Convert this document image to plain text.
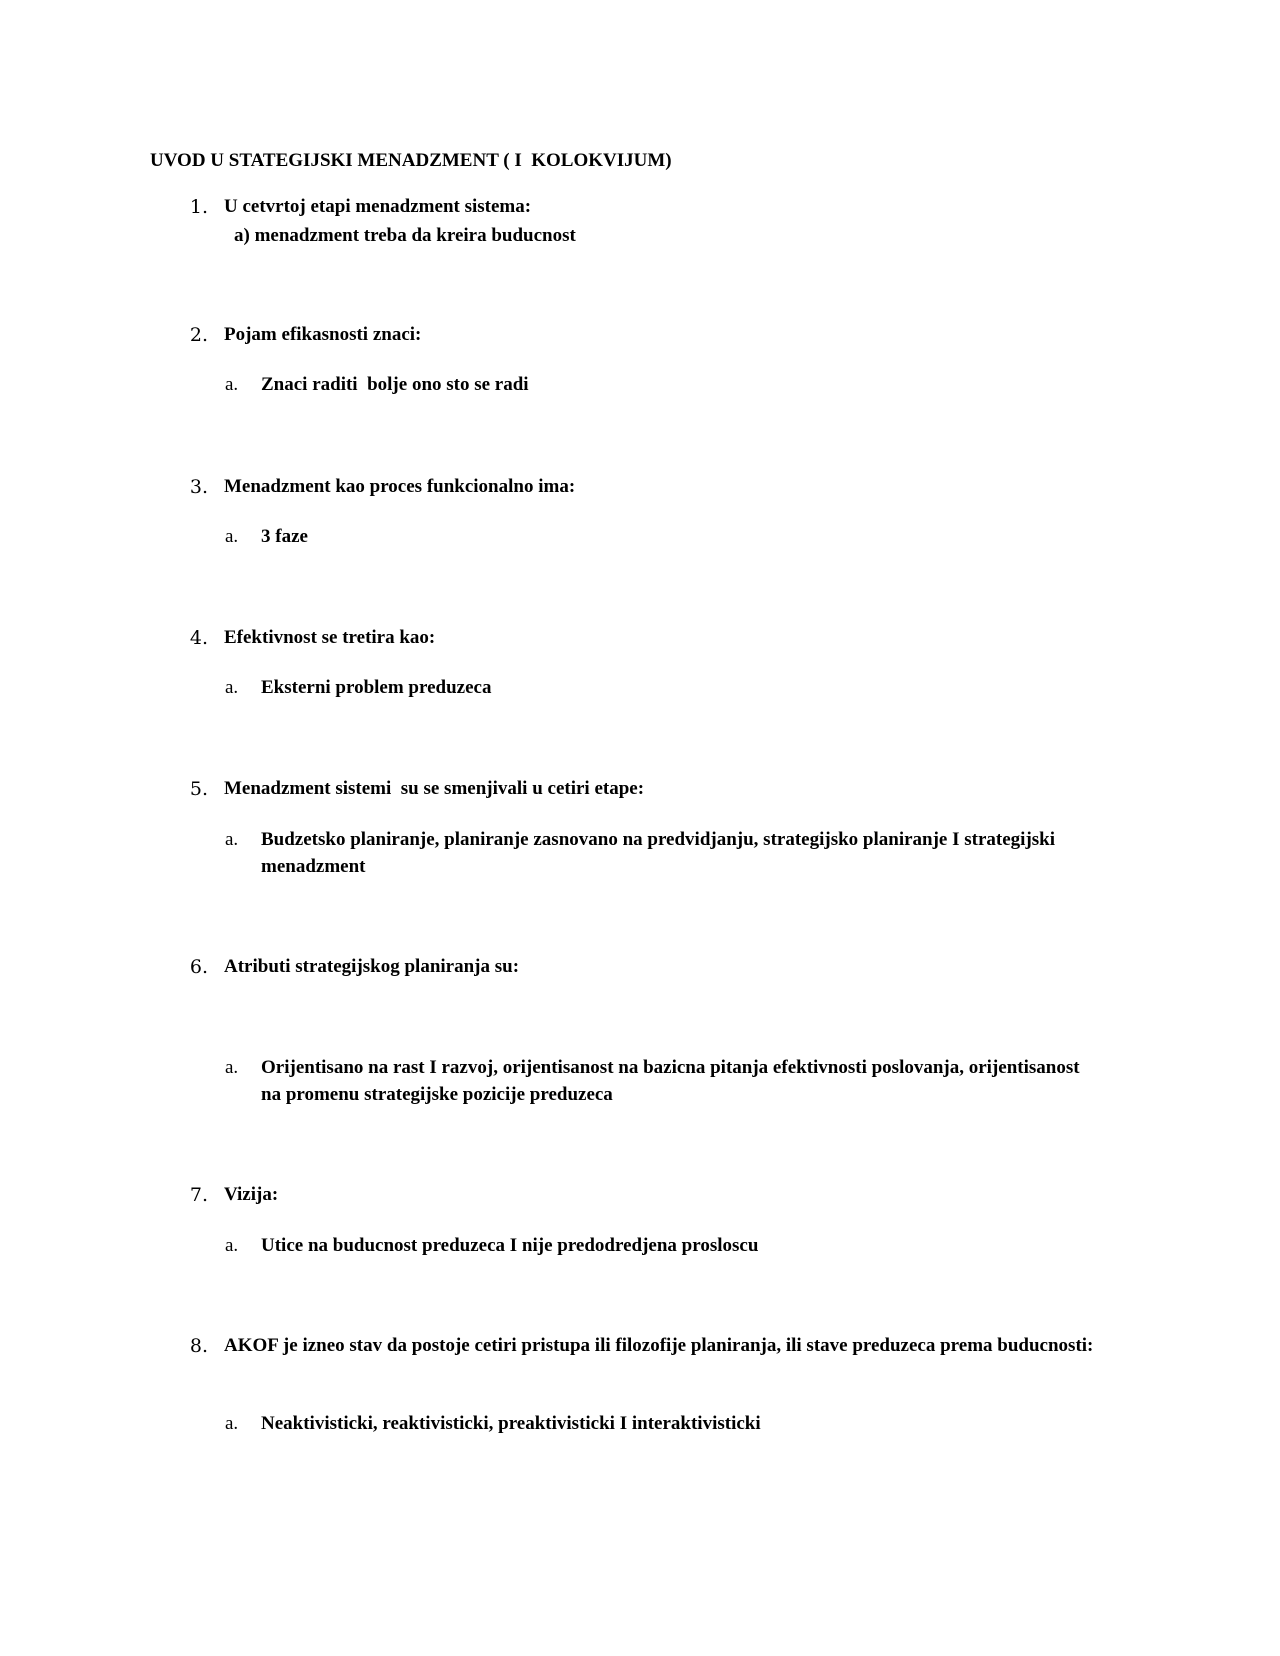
UVOD U STATEGIJSKI MENADZMENT ( I  KOLOKVIJUM)
1. U cetvrtoj etapi menadzment sistema:
a) menadzment treba da kreira buducnost
2. Pojam efikasnosti znaci:
a. Znaci raditi  bolje ono sto se radi
3. Menadzment kao proces funkcionalno ima:
a. 3 faze
4. Efektivnost se tretira kao:
a. Eksterni problem preduzeca
5. Menadzment sistemi  su se smenjivali u cetiri etape:
a. Budzetsko planiranje, planiranje zasnovano na predvidjanju, strategijsko planiranje I strategijski menadzment
6. Atributi strategijskog planiranja su:
a. Orijentisano na rast I razvoj, orijentisanost na bazicna pitanja efektivnosti poslovanja, orijentisanost  na promenu strategijske pozicije preduzeca
7. Vizija:
a. Utice na buducnost preduzeca I nije predodredjena prosloscu
8. AKOF je izneo stav da postoje cetiri pristupa ili filozofije planiranja, ili stave preduzeca prema buducnosti:
a. Neaktivisticki, reaktivisticki, preaktivisticki I interaktivisticki
